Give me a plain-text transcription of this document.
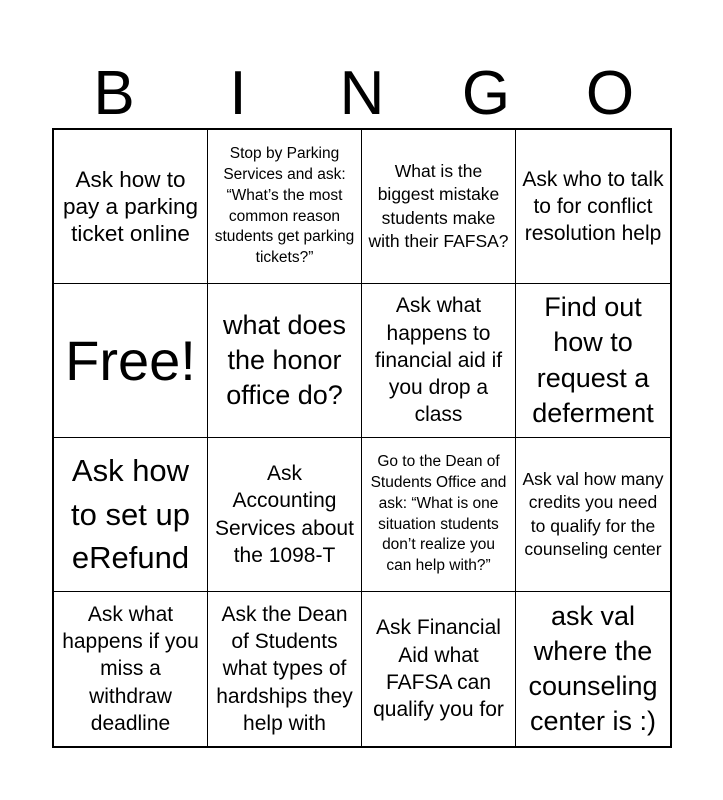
B	I	N	G	O
Ask how to pay a parking ticket online
Stop by Parking Services and ask: “What’s the most common reason students get parking tickets?”
What is the biggest mistake students make with their FAFSA?
Ask who to talk to for conflict resolution help
Free!
what does the honor office do?
Ask what happens to financial aid if you drop a class
Find out how to request a deferment
Ask how to set up eRefund
Ask Accounting Services about the 1098-T
Go to the Dean of Students Office and ask: “What is one situation students don’t realize you can help with?”
Ask val how many credits you need to qualify for the counseling center
Ask what happens if you miss a withdraw deadline
Ask the Dean of Students what types of hardships they help with
Ask Financial Aid what FAFSA can qualify you for
ask val where the counseling center is :)
